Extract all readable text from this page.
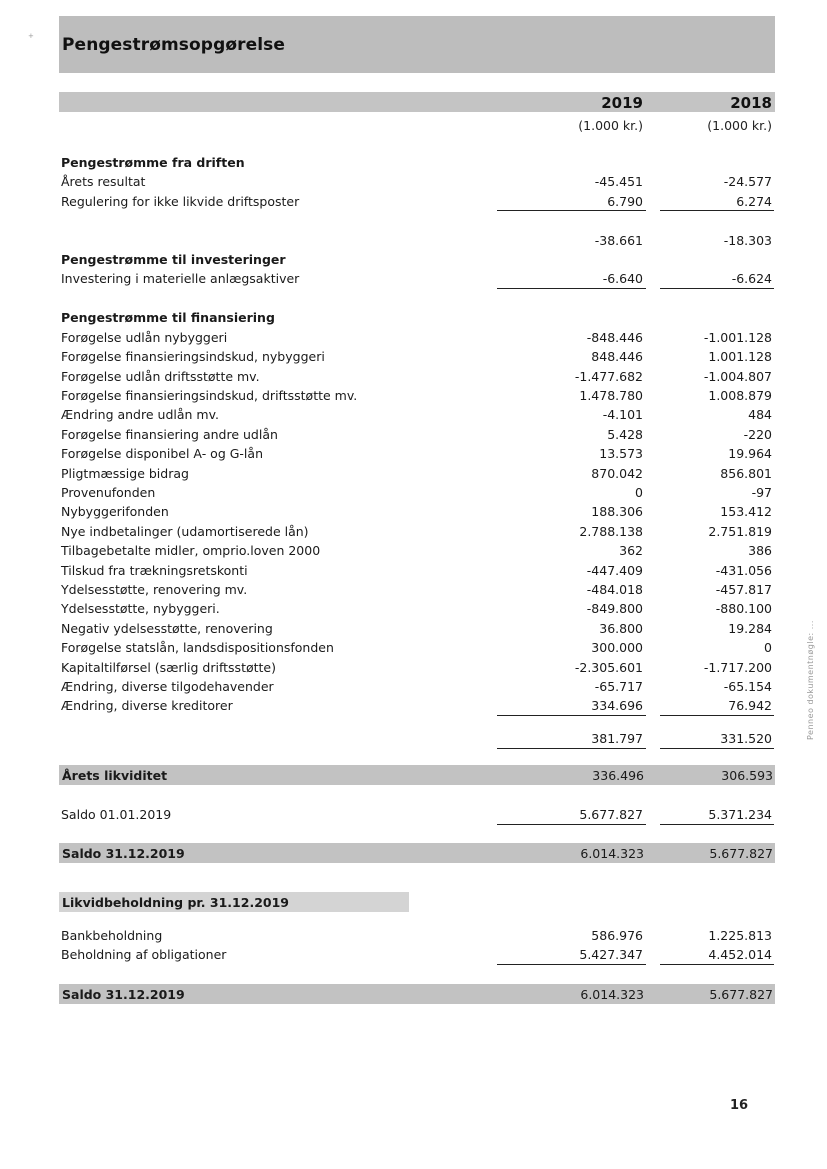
+ Pengestrømsopgørelse
2019	2018
(1.000 kr.)	(1.000 kr.)
Pengestrømme fra driften
Årets resultat	-45.451	-24.577
Regulering for ikke likvide driftsposter	6.790	6.274
-38.661	-18.303
Pengestrømme til investeringer
Investering i materielle anlægsaktiver	-6.640	-6.624
Pengestrømme til finansiering
Forøgelse udlån nybyggeri	-848.446	-1.001.128
Forøgelse finansieringsindskud, nybyggeri	848.446	1.001.128
Forøgelse udlån driftsstøtte mv.	-1.477.682	-1.004.807
Forøgelse finansieringsindskud, driftsstøtte mv.	1.478.780	1.008.879
Ændring andre udlån mv.	-4.101	484
Forøgelse finansiering andre udlån	5.428	-220
Forøgelse disponibel A- og G-lån	13.573	19.964
Pligtmæssige bidrag	870.042	856.801
Provenufonden	0	-97
Nybyggerifonden	188.306	153.412
Nye indbetalinger (udamortiserede lån)	2.788.138	2.751.819
Tilbagebetalte midler, omprio.loven 2000	362	386
Tilskud fra trækningsretskonti	-447.409	-431.056
Ydelsesstøtte, renovering mv.	-484.018	-457.817
Ydelsesstøtte, nybyggeri.	-849.800	-880.100
Negativ ydelsesstøtte, renovering	36.800	19.284
Forøgelse statslån, landsdispositionsfonden	300.000	0
Kapitaltilførsel (særlig driftsstøtte)	-2.305.601	-1.717.200
Ændring, diverse tilgodehavender	-65.717	-65.154
Ændring, diverse kreditorer	334.696	76.942
381.797	331.520
Årets likviditet	336.496	306.593
Saldo 01.01.2019	5.677.827	5.371.234
Saldo 31.12.2019	6.014.323	5.677.827
Likvidbeholdning pr. 31.12.2019
Bankbeholdning	586.976	1.225.813
Beholdning af obligationer	5.427.347	4.452.014
Saldo 31.12.2019	6.014.323	5.677.827
Penneo dokumentnøgle: ...
16
